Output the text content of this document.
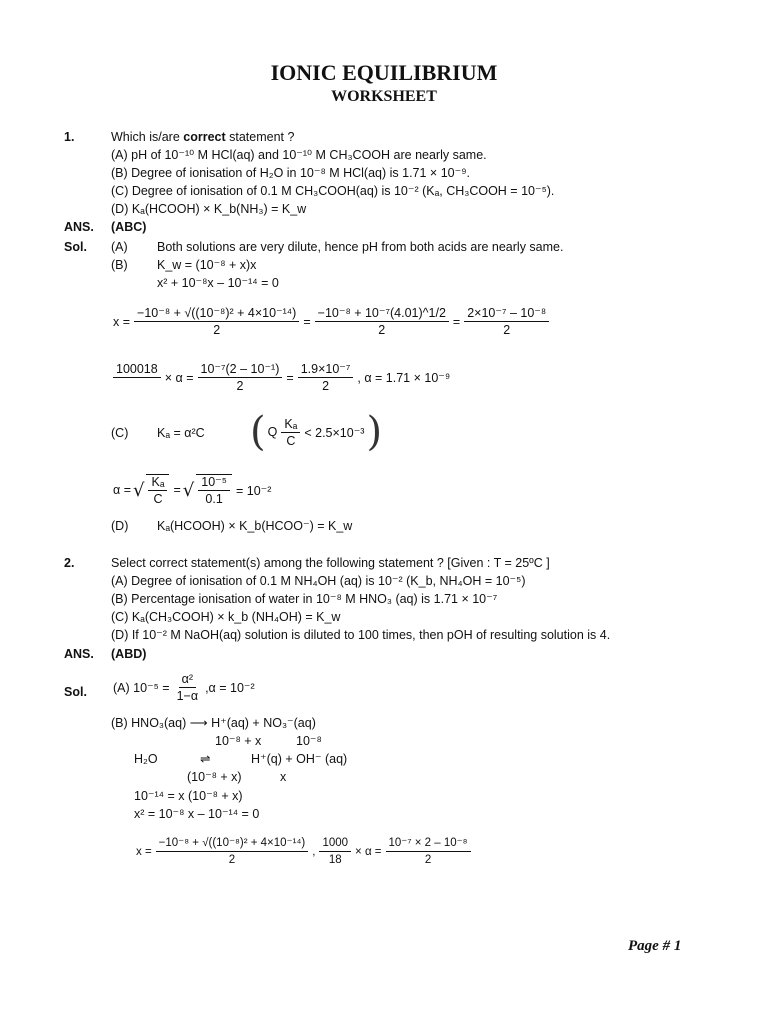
IONIC EQUILIBRIUM
WORKSHEET
1.	Which is/are correct statement ?
(A) pH of 10⁻¹⁰ M HCl(aq) and 10⁻¹⁰ M CH₃COOH are nearly same.
(B) Degree of ionisation of H₂O in 10⁻⁸ M HCl(aq) is 1.71 × 10⁻⁹.
(C) Degree of ionisation of 0.1 M CH₃COOH(aq) is 10⁻² (Kₐ, CH₃COOH = 10⁻⁵).
(D) Kₐ(HCOOH) × K_b(NH₃) = K_w
ANS. (ABC)
Sol. (A) Both solutions are very dilute, hence pH from both acids are nearly same.
(B) K_w = (10⁻⁸ + x)x
x² + 10⁻⁸x – 10⁻¹⁴ = 0
$x = \frac{\text{−10⁻⁸ + √((10⁻⁸)² + 4×10⁻¹⁴)}}{2} = \frac{\text{−10⁻⁸ + 10⁻⁷(4.01)\textasciicircum{}1/2}}{2} = \frac{\text{2×10⁻⁷ – 10⁻⁸}}{2}$
100018

× $\alpha = \frac{\text{10⁻⁷(2 – 10⁻¹)}}{2} = \frac{\text{1.9×10⁻⁷}}{2}$ , α = 1.71 × 10⁻⁹
(C) Kₐ = α²C ( Q $\frac{\text{Kₐ}}{C} < 2.5\times 10^{-3}$ )
α = √ $\frac{\text{Kₐ}}{C}$ = √ $\frac{\text{10⁻⁵}}{0.1} = 10^{-2}$
(D) Kₐ(HCOOH) × K_b(HCOO⁻) = K_w
2.	Select correct statement(s) among the following statement ? [Given : T = 25ºC ]
(A) Degree of ionisation of 0.1 M NH₄OH (aq) is 10⁻² (K_b, NH₄OH = 10⁻⁵)
(B) Percentage ionisation of water in 10⁻⁸ M HNO₃ (aq) is 1.71 × 10⁻⁷
(C) Kₐ(CH₃COOH) × k_b (NH₄OH) = K_w
(D) If 10⁻² M NaOH(aq) solution is diluted to 100 times, then pOH of resulting solution is 4.
ANS. (ABD)
Sol. (A) $10^{-5} = \frac{\text{α²}}{1-\alpha} ,\alpha = 10^{-2}$
(B) HNO₃(aq) ⟶ H⁺(aq) + NO₃⁻(aq)
10⁻⁸ + x	10⁻⁸
H₂O	⇌	H⁺(q) + OH⁻ (aq)
(10⁻⁸ + x)	x
10⁻¹⁴ = x (10⁻⁸ + x)
x² = 10⁻⁸ x – 10⁻¹⁴ = 0
$x = \frac{\text{−10⁻⁸ + √((10⁻⁸)² + 4×10⁻¹⁴)}}{2}$ , $\frac{1000}{18} \times \alpha = \frac{\text{10⁻⁷ × 2 – 10⁻⁸}}{2}$
Page # 1
